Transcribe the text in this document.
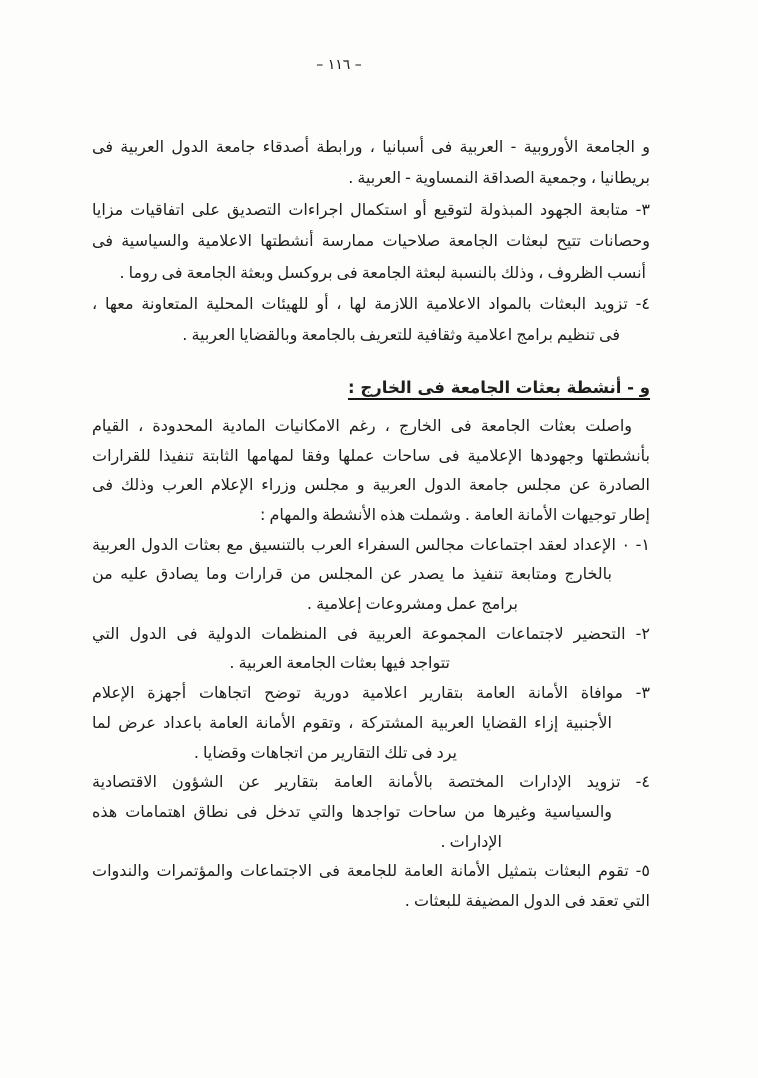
– ١١٦ –
و الجامعة الأوروبية - العربية فى أسبانيا ، ورابطة أصدقاء جامعة الدول العربية فى
بريطانيا ، وجمعية الصداقة النمساوية - العربية .
٣- متابعة الجهود المبذولة لتوقيع أو استكمال اجراءات التصديق على اتفاقيات مزايا
وحصانات تتيح لبعثات الجامعة صلاحيات ممارسة أنشطتها الاعلامية والسياسية فى
أنسب الظروف ، وذلك بالنسبة لبعثة الجامعة فى بروكسل وبعثة الجامعة فى روما .
٤- تزويد البعثات بالمواد الاعلامية اللازمة لها ، أو للهيئات المحلية المتعاونة معها ،
فى تنظيم برامج اعلامية وثقافية للتعريف بالجامعة وبالقضايا العربية .
و - أنشطة بعثات الجامعة فى الخارج :
واصلت بعثات الجامعة فى الخارج ، رغم الامكانيات المادية المحدودة ، القيام
بأنشطتها وجهودها الإعلامية فى ساحات عملها وفقا لمهامها الثابتة تنفيذا للقرارات
الصادرة عن مجلس جامعة الدول العربية و مجلس وزراء الإعلام العرب وذلك فى
إطار توجيهات الأمانة العامة . وشملت هذه الأنشطة والمهام :
١- ٠ الإعداد لعقد اجتماعات مجالس السفراء العرب بالتنسيق مع بعثات الدول العربية
بالخارج ومتابعة تنفيذ ما يصدر عن المجلس من قرارات وما يصادق عليه من
برامج عمل ومشروعات إعلامية .
٢- التحضير لاجتماعات المجموعة العربية فى المنظمات الدولية فى الدول التي
تتواجد فيها بعثات الجامعة العربية .
٣- موافاة الأمانة العامة بتقارير اعلامية دورية توضح اتجاهات أجهزة الإعلام
الأجنبية إزاء القضايا العربية المشتركة ، وتقوم الأمانة العامة باعداد عرض لما
يرد فى تلك التقارير من اتجاهات وقضايا .
٤- تزويد الإدارات المختصة بالأمانة العامة بتقارير عن الشؤون الاقتصادية
والسياسية وغيرها من ساحات تواجدها والتي تدخل فى نطاق اهتمامات هذه
الإدارات .
٥- تقوم البعثات بتمثيل الأمانة العامة للجامعة فى الاجتماعات والمؤتمرات والندوات
التي تعقد فى الدول المضيفة للبعثات .
